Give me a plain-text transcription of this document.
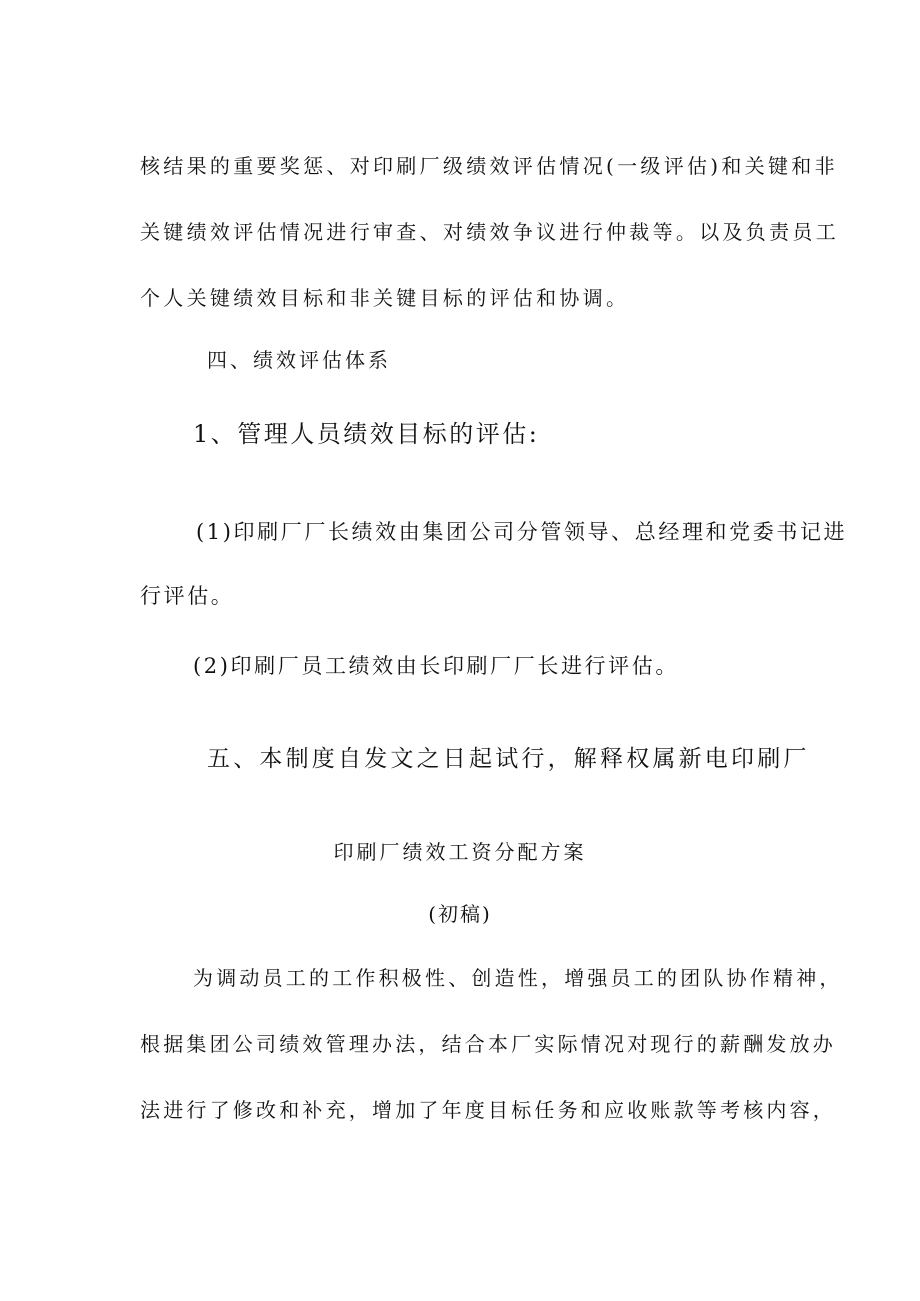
核结果的重要奖惩、对印刷厂级绩效评估情况(一级评估)和关键和非
关键绩效评估情况进行审查、对绩效争议进行仲裁等。以及负责员工
个人关键绩效目标和非关键目标的评估和协调。
四、绩效评估体系
1、管理人员绩效目标的评估:
(1)印刷厂厂长绩效由集团公司分管领导、总经理和党委书记进
行评估。
(2)印刷厂员工绩效由长印刷厂厂长进行评估。
五、本制度自发文之日起试行，解释权属新电印刷厂
印刷厂绩效工资分配方案
(初稿)
为调动员工的工作积极性、创造性，增强员工的团队协作精神，
根据集团公司绩效管理办法，结合本厂实际情况对现行的薪酬发放办
法进行了修改和补充，增加了年度目标任务和应收账款等考核内容，
